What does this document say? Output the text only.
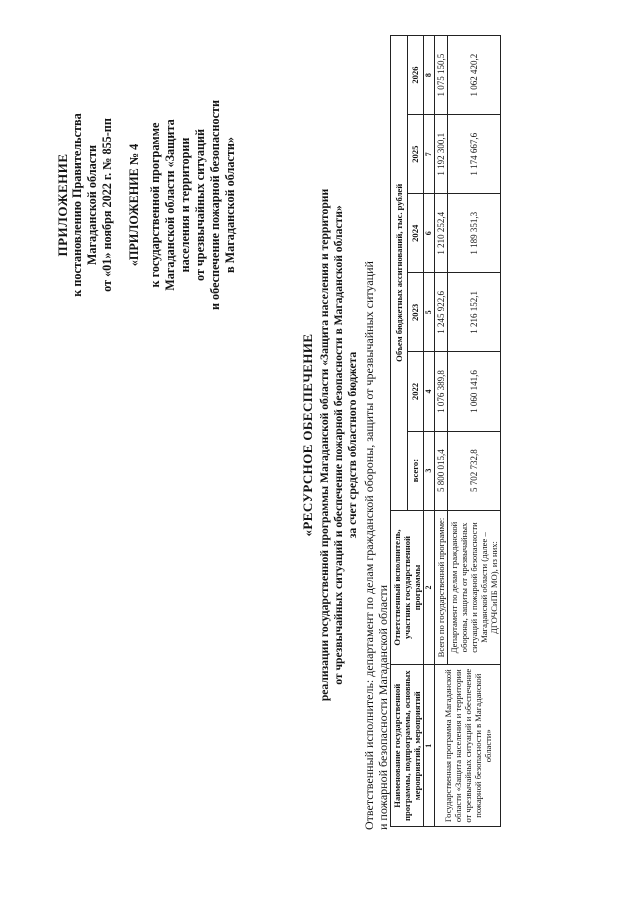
ПРИЛОЖЕНИЕ к постановлению Правительства Магаданской области от «01» ноября 2022 г. № 855-пп «ПРИЛОЖЕНИЕ № 4 к государственной программе Магаданской области «Защита населения и территории от чрезвычайных ситуаций и обеспечение пожарной безопасности в Магаданской области»
«РЕСУРСНОЕ ОБЕСПЕЧЕНИЕ реализации государственной программы Магаданской области «Защита населения и территории от чрезвычайных ситуаций и обеспечение пожарной безопасности в Магаданской области» за счет средств областного бюджета Ответственный исполнитель: департамент по делам гражданской обороны, защиты от чрезвычайных ситуаций и пожарной безопасности Магаданской области Наименование государственной программы, подпрограммы, основных мероприятий, мероприятий	Ответственный исполнитель, участник государственной программы	Объем бюджетных ассигнований, тыс. рублей					
		всего:	2022	2023	2024	2025	2026
1	2	3	4	5	6	7	8
Государственная программа Магаданской области «Защита населения и территории от чрезвычайных ситуаций и обеспечение пожарной безопасности в Магаданской области»	Всего по государственной программе:	5 800 015,4	1 076 389,8	1 245 922,6	1 210 252,4	1 192 300,1	1 075 150,5
	Департамент по делам гражданской обороны, защиты от чрезвычайных ситуаций и пожарной безопасности Магаданской области (далее – ДГОЧСиПБ МО), из них:	5 702 732,8	1 060 141,6	1 216 152,1	1 189 351,3	1 174 667,6	1 062 420,2
